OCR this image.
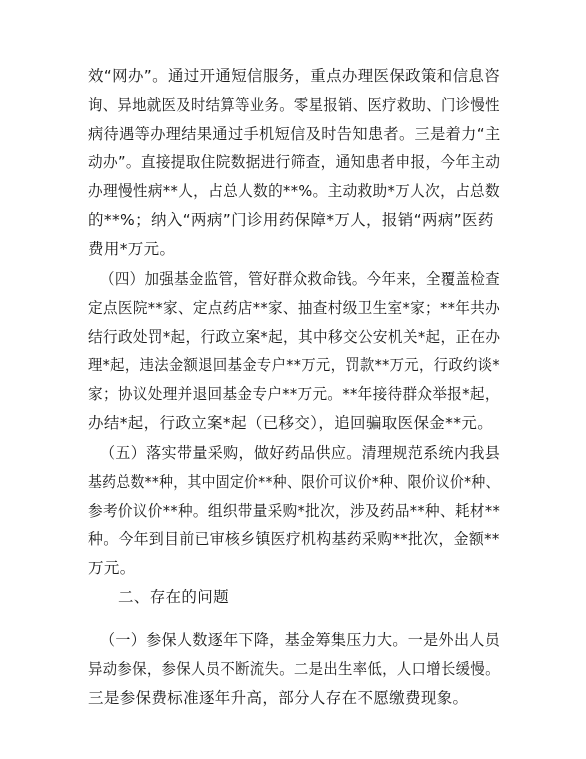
效“网办”。通过开通短信服务，重点办理医保政策和信息咨
询、异地就医及时结算等业务。零星报销、医疗救助、门诊慢性
病待遇等办理结果通过手机短信及时告知患者。三是着力“主
动办”。直接提取住院数据进行筛查，通知患者申报，今年主动
办理慢性病**人，占总人数的**%。主动救助*万人次，占总数
的**%；纳入“两病”门诊用药保障*万人，报销“两病”医药
费用*万元。
（四）加强基金监管，管好群众救命钱。今年来，全覆盖检查
定点医院**家、定点药店**家、抽查村级卫生室*家；**年共办
结行政处罚*起，行政立案*起，其中移交公安机关*起，正在办
理*起，违法金额退回基金专户**万元，罚款**万元，行政约谈*
家；协议处理并退回基金专户**万元。**年接待群众举报*起，
办结*起，行政立案*起（已移交），追回骗取医保金**元。
（五）落实带量采购，做好药品供应。清理规范系统内我县
基药总数**种，其中固定价**种、限价可议价*种、限价议价*种、
参考价议价**种。组织带量采购*批次，涉及药品**种、耗材**
种。今年到目前已审核乡镇医疗机构基药采购**批次，金额**
万元。
二、存在的问题
（一）参保人数逐年下降，基金筹集压力大。一是外出人员
异动参保，参保人员不断流失。二是出生率低，人口增长缓慢。
三是参保费标准逐年升高，部分人存在不愿缴费现象。
